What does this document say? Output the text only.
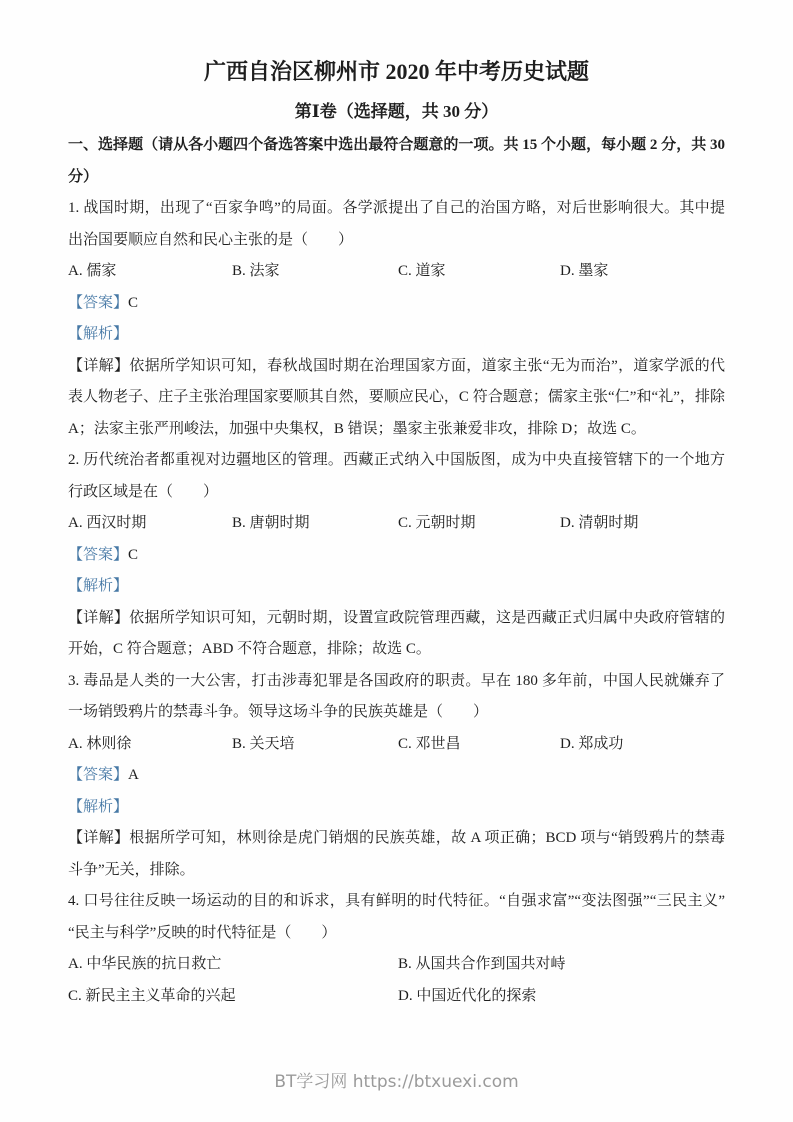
广西自治区柳州市 2020 年中考历史试题
第Ⅰ卷（选择题，共 30 分）

一、选择题（请从各小题四个备选答案中选出最符合题意的一项。共 15 个小题，每小题 2 分，共 30 分）

1. 战国时期，出现了“百家争鸣”的局面。各学派提出了自己的治国方略，对后世影响很大。其中提出治国要顺应自然和民心主张的是（　　）

A. 儒家	B. 法家	C. 道家	D. 墨家

【答案】C

【解析】

【详解】依据所学知识可知，春秋战国时期在治理国家方面，道家主张“无为而治”，道家学派的代表人物老子、庄子主张治理国家要顺其自然，要顺应民心，C 符合题意；儒家主张“仁”和“礼”，排除 A；法家主张严刑峻法，加强中央集权，B 错误；墨家主张兼爱非攻，排除 D；故选 C。

2. 历代统治者都重视对边疆地区的管理。西藏正式纳入中国版图，成为中央直接管辖下的一个地方行政区域是在（　　）

A. 西汉时期	B. 唐朝时期	C. 元朝时期	D. 清朝时期

【答案】C

【解析】

【详解】依据所学知识可知，元朝时期，设置宣政院管理西藏，这是西藏正式归属中央政府管辖的开始，C 符合题意；ABD 不符合题意，排除；故选 C。

3. 毒品是人类的一大公害，打击涉毒犯罪是各国政府的职责。早在 180 多年前，中国人民就嫌弃了一场销毁鸦片的禁毒斗争。领导这场斗争的民族英雄是（　　）

A. 林则徐	B. 关天培	C. 邓世昌	D. 郑成功

【答案】A

【解析】

【详解】根据所学可知，林则徐是虎门销烟的民族英雄，故 A 项正确；BCD 项与“销毁鸦片的禁毒斗争”无关，排除。

4. 口号往往反映一场运动的目的和诉求，具有鲜明的时代特征。“自强求富”“变法图强”“三民主义”“民主与科学”反映的时代特征是（　　）

A. 中华民族的抗日救亡	B. 从国共合作到国共对峙
C. 新民主主义革命的兴起	D. 中国近代化的探索
BT学习网 https://btxuexi.com
